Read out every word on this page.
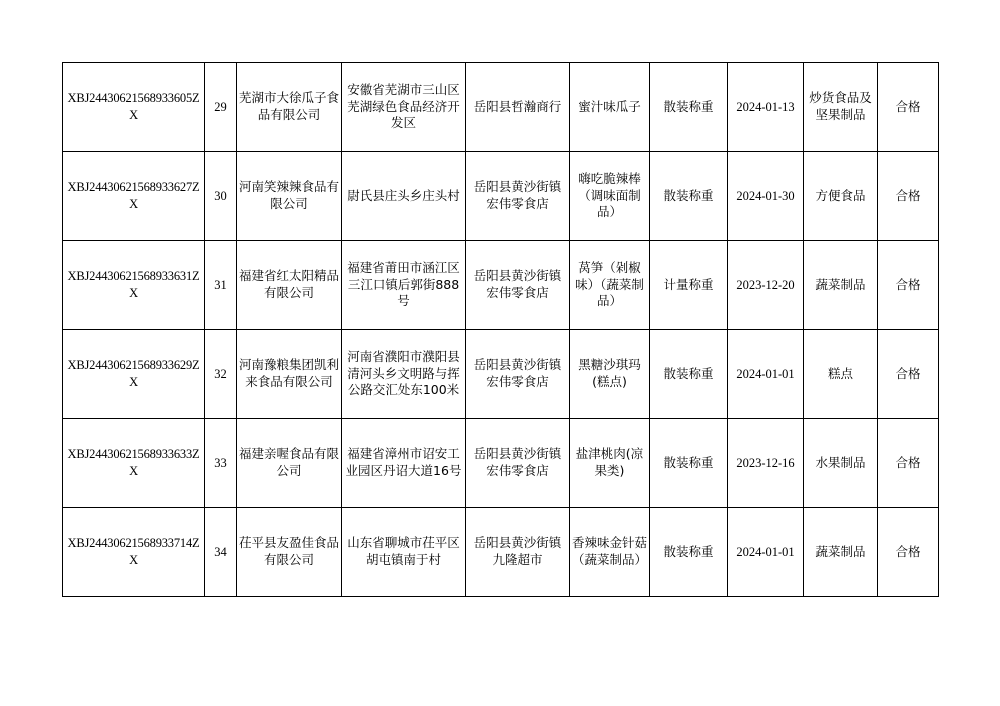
XBJ24430621568933605ZX	29	芜湖市大徐瓜子食品有限公司	安徽省芜湖市三山区芜湖绿色食品经济开发区	岳阳县哲瀚商行	蜜汁味瓜子	散装称重	2024-01-13	炒货食品及坚果制品	合格
XBJ24430621568933627ZX	30	河南笑辣辣食品有限公司	尉氏县庄头乡庄头村	岳阳县黄沙街镇宏伟零食店	嗨吃脆辣棒（调味面制品）	散装称重	2024-01-30	方便食品	合格
XBJ24430621568933631ZX	31	福建省红太阳精品有限公司	福建省莆田市涵江区三江口镇后郭街888号	岳阳县黄沙街镇宏伟零食店	莴笋（剁椒味）（蔬菜制品）	计量称重	2023-12-20	蔬菜制品	合格
XBJ24430621568933629ZX	32	河南豫粮集团凯利来食品有限公司	河南省濮阳市濮阳县清河头乡文明路与挥公路交汇处东100米	岳阳县黄沙街镇宏伟零食店	黑糖沙琪玛(糕点)	散装称重	2024-01-01	糕点	合格
XBJ24430621568933633ZX	33	福建亲喔食品有限公司	福建省漳州市诏安工业园区丹诏大道16号	岳阳县黄沙街镇宏伟零食店	盐津桃肉(凉果类)	散装称重	2023-12-16	水果制品	合格
XBJ24430621568933714ZX	34	茌平县友盈佳食品有限公司	山东省聊城市茌平区胡屯镇南于村	岳阳县黄沙街镇九隆超市	香辣味金针菇（蔬菜制品）	散装称重	2024-01-01	蔬菜制品	合格
